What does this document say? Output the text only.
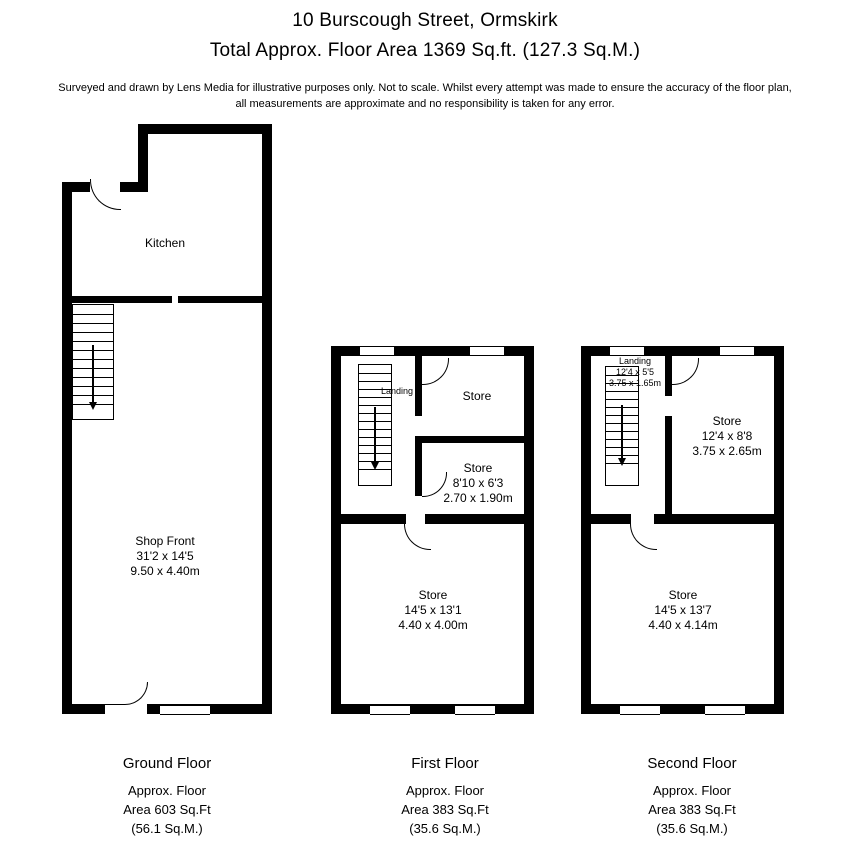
10 Burscough Street, Ormskirk
Total Approx. Floor Area 1369 Sq.ft. (127.3 Sq.M.)
Surveyed and drawn by Lens Media for illustrative purposes only. Not to scale. Whilst every attempt was made to ensure the accuracy of the floor plan,
all measurements are approximate and no responsibility is taken for any error.
Kitchen
Shop Front
31'2 x 14'5
9.50 x 4.40m
Landing	Store
Store
8'10 x 6'3
2.70 x 1.90m
Store
14'5 x 13'1
4.40 x 4.00m
Landing
12'4 x 5'5
3.75 x 1.65m
Store
12'4 x 8'8
3.75 x 2.65m
Store
14'5 x 13'7
4.40 x 4.14m
Ground Floor
Approx. Floor
Area 603 Sq.Ft
(56.1 Sq.M.)
First Floor
Approx. Floor
Area 383 Sq.Ft
(35.6 Sq.M.)
Second Floor
Approx. Floor
Area 383 Sq.Ft
(35.6 Sq.M.)
